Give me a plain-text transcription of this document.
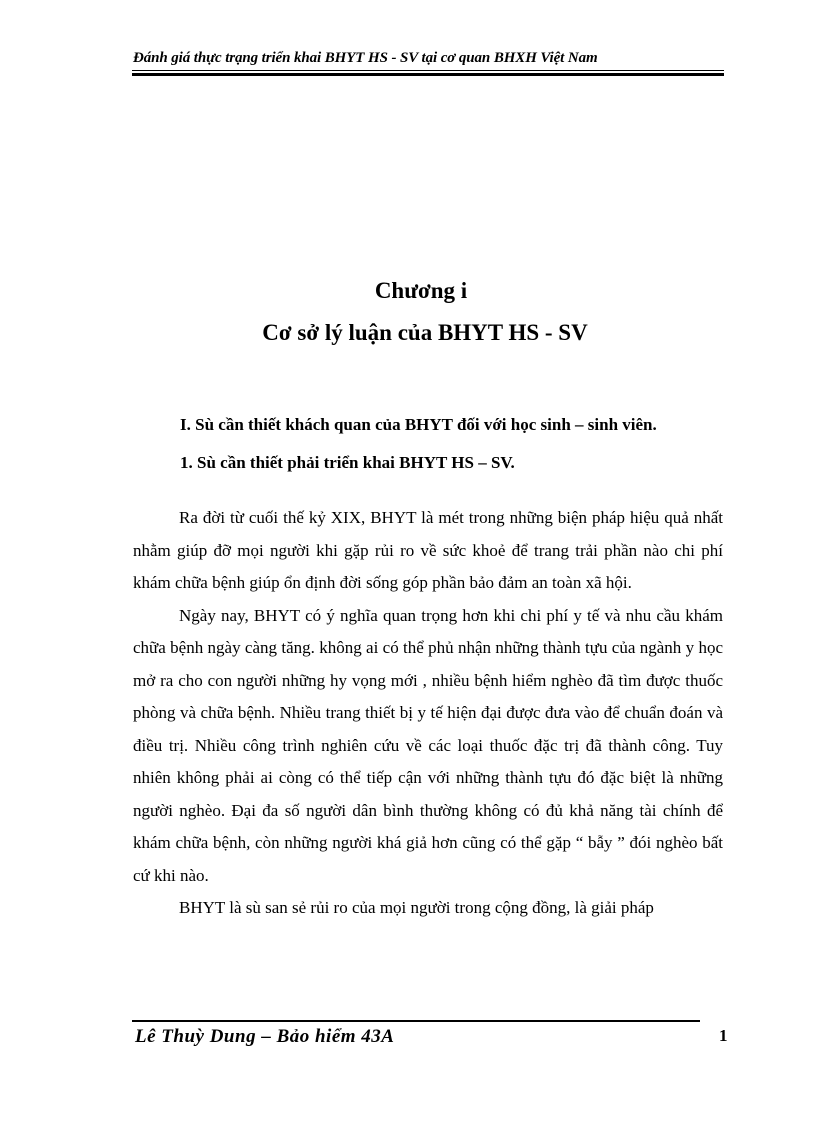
Đánh giá thực trạng triển khai BHYT HS - SV tại cơ quan BHXH Việt Nam
Chương i
Cơ sở lý luận của BHYT HS - SV
I. Sù cần thiết khách quan của BHYT đối với học sinh – sinh viên.
1. Sù cần thiết phải triển khai BHYT HS – SV.

Ra đời từ cuối thế kỷ XIX, BHYT là mét trong những biện pháp hiệu quả nhất nhằm giúp đỡ mọi người khi gặp rủi ro về sức khoẻ để trang trải phần nào chi phí khám chữa bệnh giúp ổn định đời sống góp phần bảo đảm an toàn xã hội.

Ngày nay, BHYT có ý nghĩa quan trọng hơn khi chi phí y tế và nhu cầu khám chữa bệnh ngày càng tăng. không ai có thể phủ nhận những thành tựu của ngành y học mở ra cho con người những hy vọng mới , nhiều bệnh hiểm nghèo đã tìm được thuốc phòng và chữa bệnh. Nhiều trang thiết bị y tế hiện đại được đưa vào để chuẩn đoán và điều trị. Nhiều công trình nghiên cứu về các loại thuốc đặc trị đã thành công. Tuy nhiên không phải ai còng có thể tiếp cận với những thành tựu đó đặc biệt là những người nghèo. Đại đa số người dân bình thường không có đủ khả năng tài chính để khám chữa bệnh, còn những người khá giả hơn cũng có thể gặp “ bẫy ” đói nghèo bất cứ khi nào.

BHYT là sù san sẻ rủi ro của mọi người trong cộng đồng, là giải pháp

Lê Thuỳ Dung – Bảo hiểm 43A	1
